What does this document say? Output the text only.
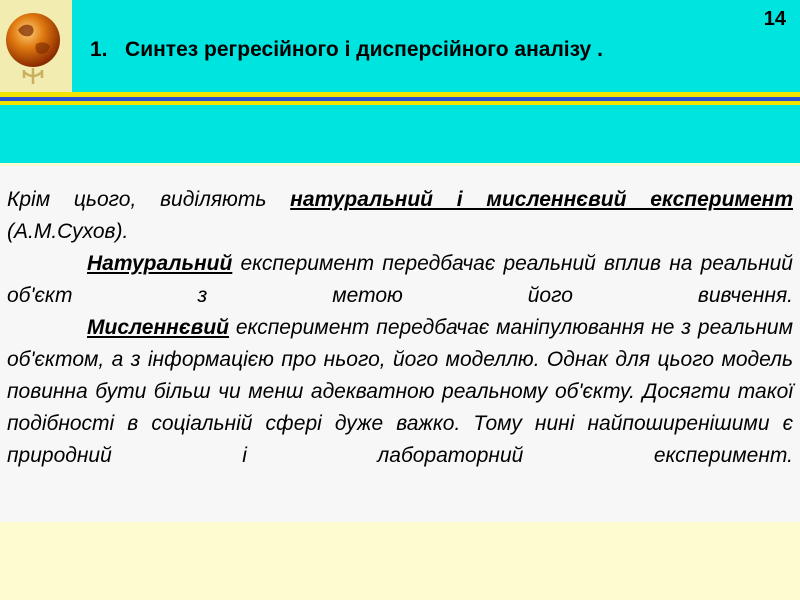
1. Синтез регресійного і дисперсійного аналізу .
14

Крім цього, виділяють натуральний і мисленнєвий експеримент (А.М.Сухов).

Натуральний експеримент передбачає реальний вплив на реальний об'єкт з метою його вивчення.

Мисленнєвий експеримент передбачає маніпулювання не з реальним об'єктом, а з інформацією про нього, його моделлю. Однак для цього модель повинна бути більш чи менш адекватною реальному об'єкту. Досягти такої подібності в соціальній сфері дуже важко. Тому нині найпоширенішими є природний і лабораторний експеримент.
